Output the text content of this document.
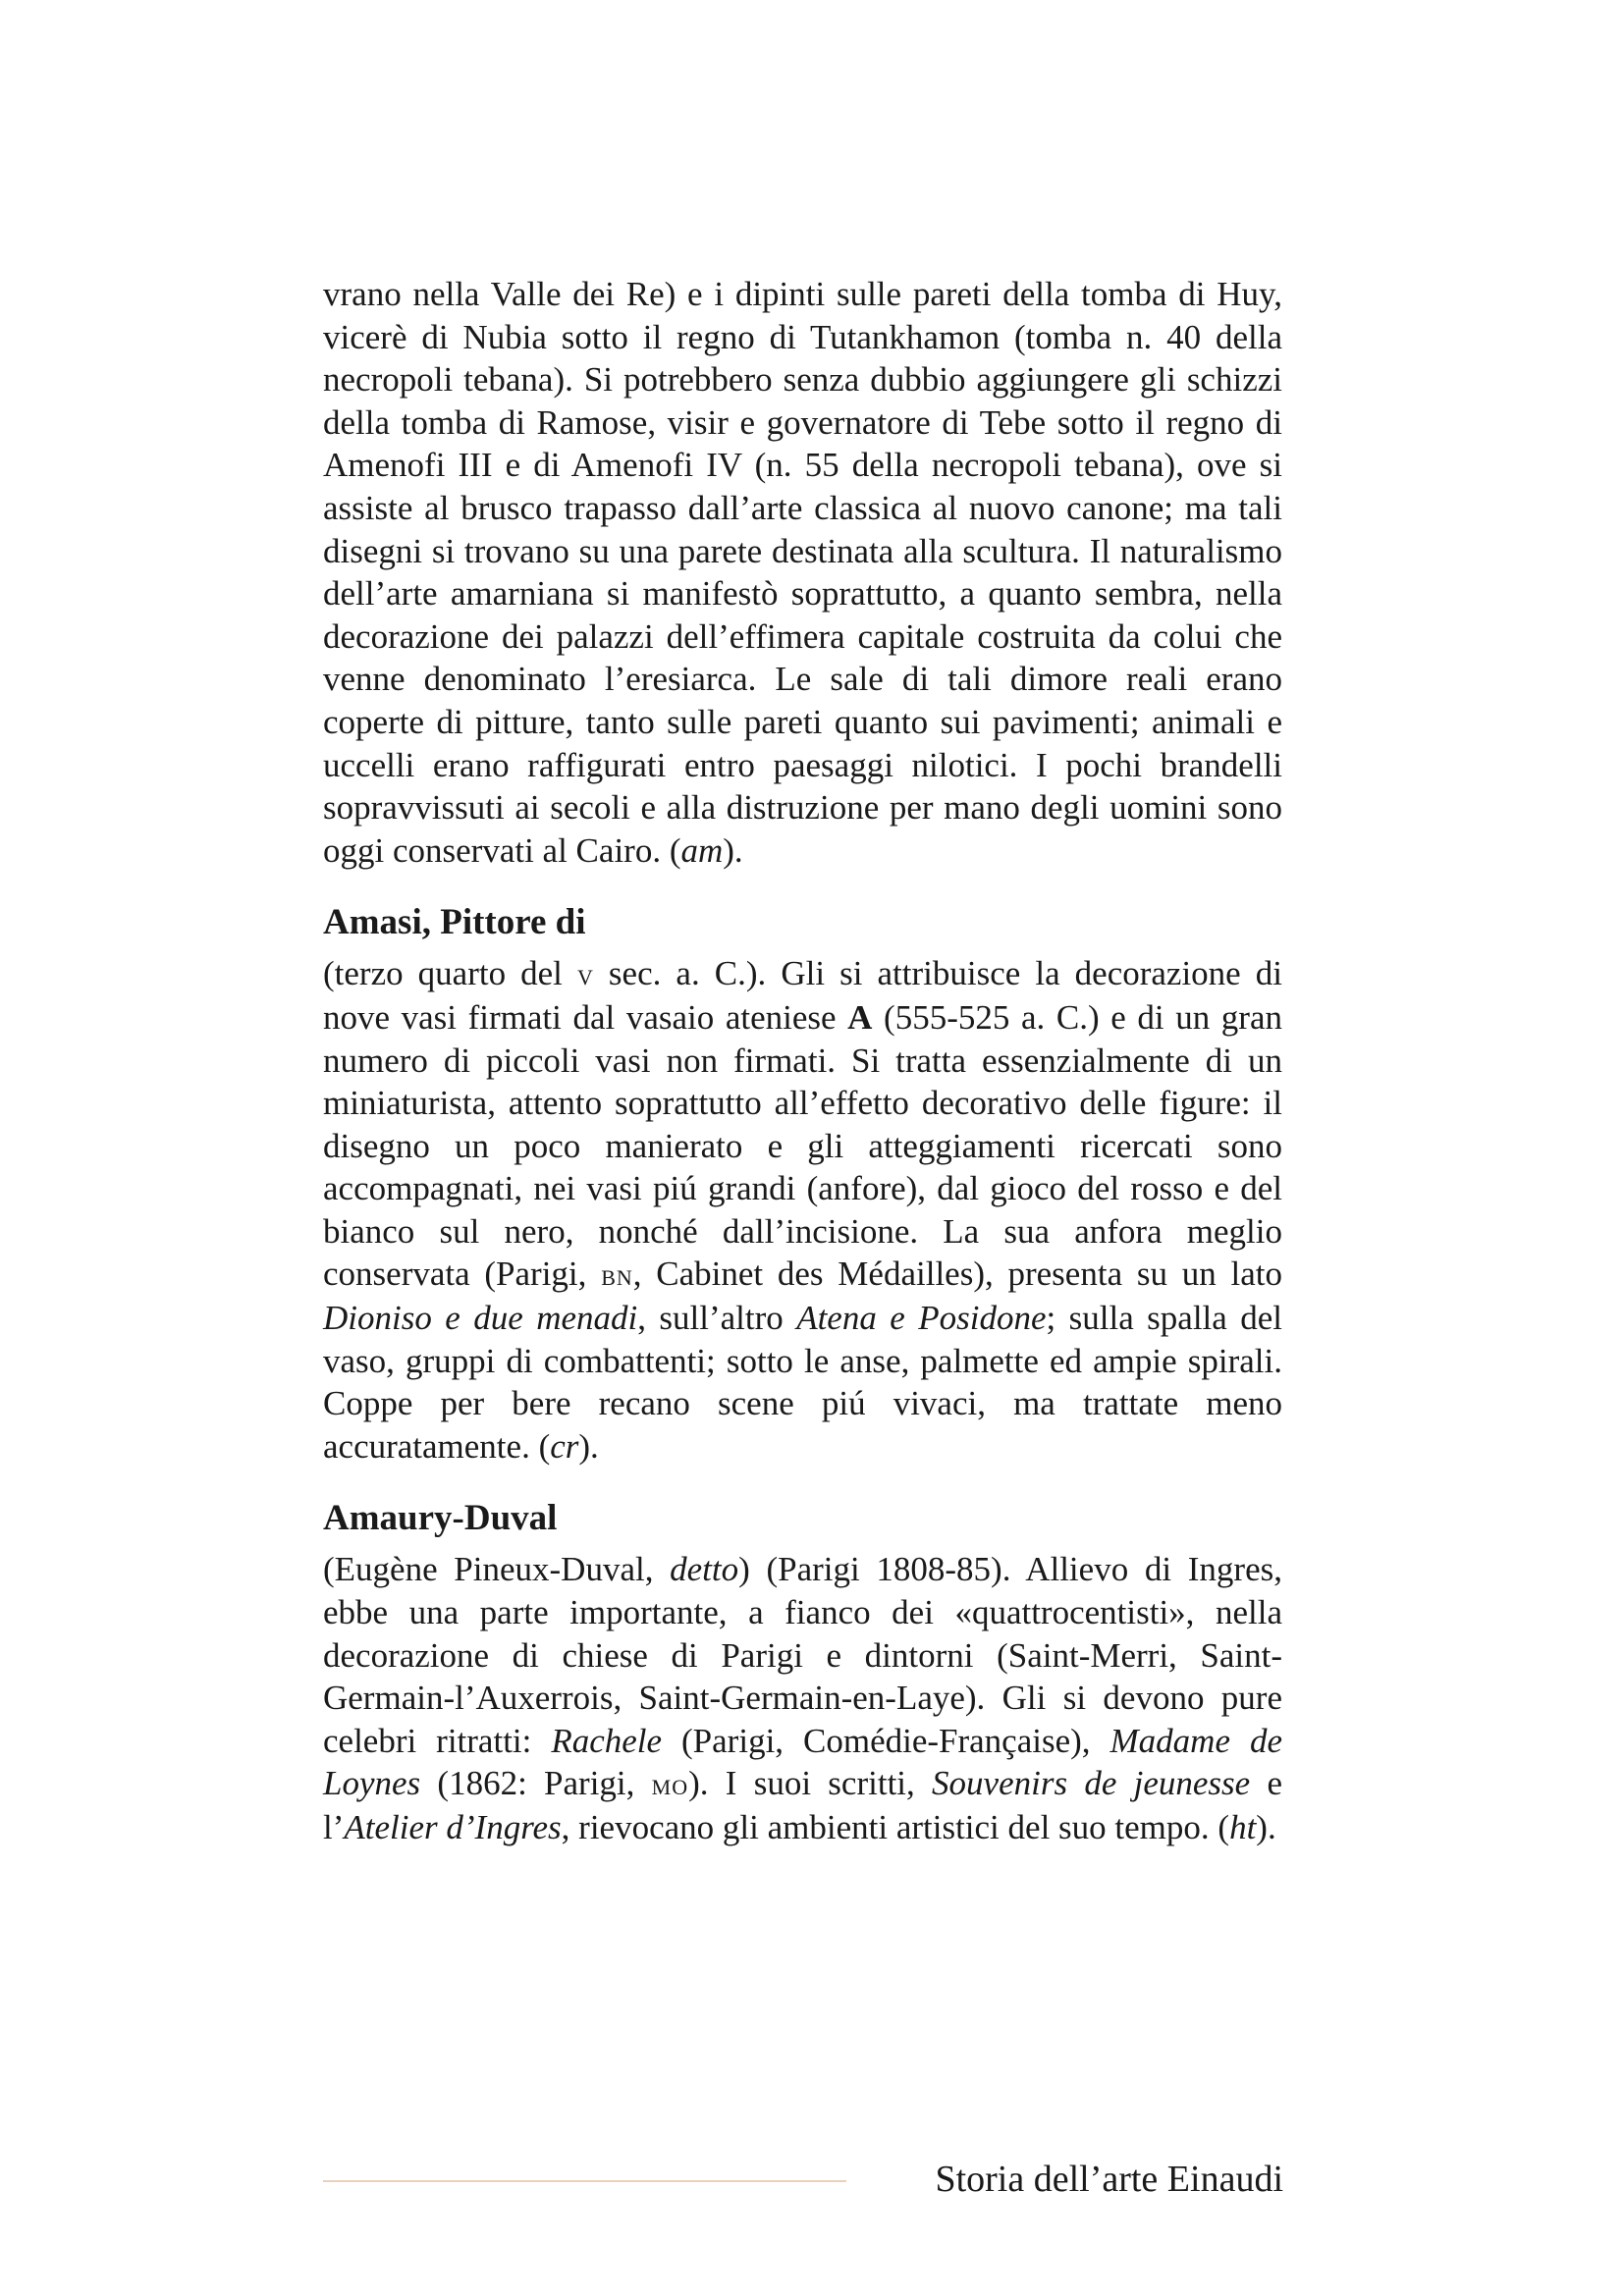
vrano nella Valle dei Re) e i dipinti sulle pareti della tomba di Huy, vicerè di Nubia sotto il regno di Tutankhamon (tomba n. 40 della necropoli tebana). Si potrebbero senza dubbio aggiungere gli schizzi della tomba di Ramose, visir e governatore di Tebe sotto il regno di Amenofi III e di Amenofi IV (n. 55 della necropoli tebana), ove si assiste al brusco trapasso dall’arte classica al nuovo canone; ma tali disegni si trovano su una parete destinata alla scultura. Il naturalismo dell’arte amarniana si manifestò soprattutto, a quanto sembra, nella decorazione dei palazzi dell’effimera capitale costruita da colui che venne denominato l’eresiarca. Le sale di tali dimore reali erano coperte di pitture, tanto sulle pareti quanto sui pavimenti; animali e uccelli erano raffigurati entro paesaggi nilotici. I pochi brandelli sopravvissuti ai secoli e alla distruzione per mano degli uomini sono oggi conservati al Cairo. (am).

Amasi, Pittore di

(terzo quarto del v sec. a. C.). Gli si attribuisce la decorazione di nove vasi firmati dal vasaio ateniese A (555-525 a. C.) e di un gran numero di piccoli vasi non firmati. Si tratta essenzialmente di un miniaturista, attento soprattutto all’effetto decorativo delle figure: il disegno un poco manierato e gli atteggiamenti ricercati sono accompagnati, nei vasi piú grandi (anfore), dal gioco del rosso e del bianco sul nero, nonché dall’incisione. La sua anfora meglio conservata (Parigi, bn, Cabinet des Médailles), presenta su un lato Dioniso e due menadi, sull’altro Atena e Posidone; sulla spalla del vaso, gruppi di combattenti; sotto le anse, palmette ed ampie spirali. Coppe per bere recano scene piú vivaci, ma trattate meno accuratamente. (cr).

Amaury-Duval

(Eugène Pineux-Duval, detto) (Parigi 1808-85). Allievo di Ingres, ebbe una parte importante, a fianco dei «quattrocentisti», nella decorazione di chiese di Parigi e dintorni (Saint-Merri, Saint-Germain-l’Auxerrois, Saint-Germain-en-Laye). Gli si devono pure celebri ritratti: Rachele (Parigi, Comédie-Française), Madame de Loynes (1862: Parigi, mo). I suoi scritti, Souvenirs de jeunesse e l’Atelier d’Ingres, rievocano gli ambienti artistici del suo tempo. (ht).

Storia dell’arte Einaudi
